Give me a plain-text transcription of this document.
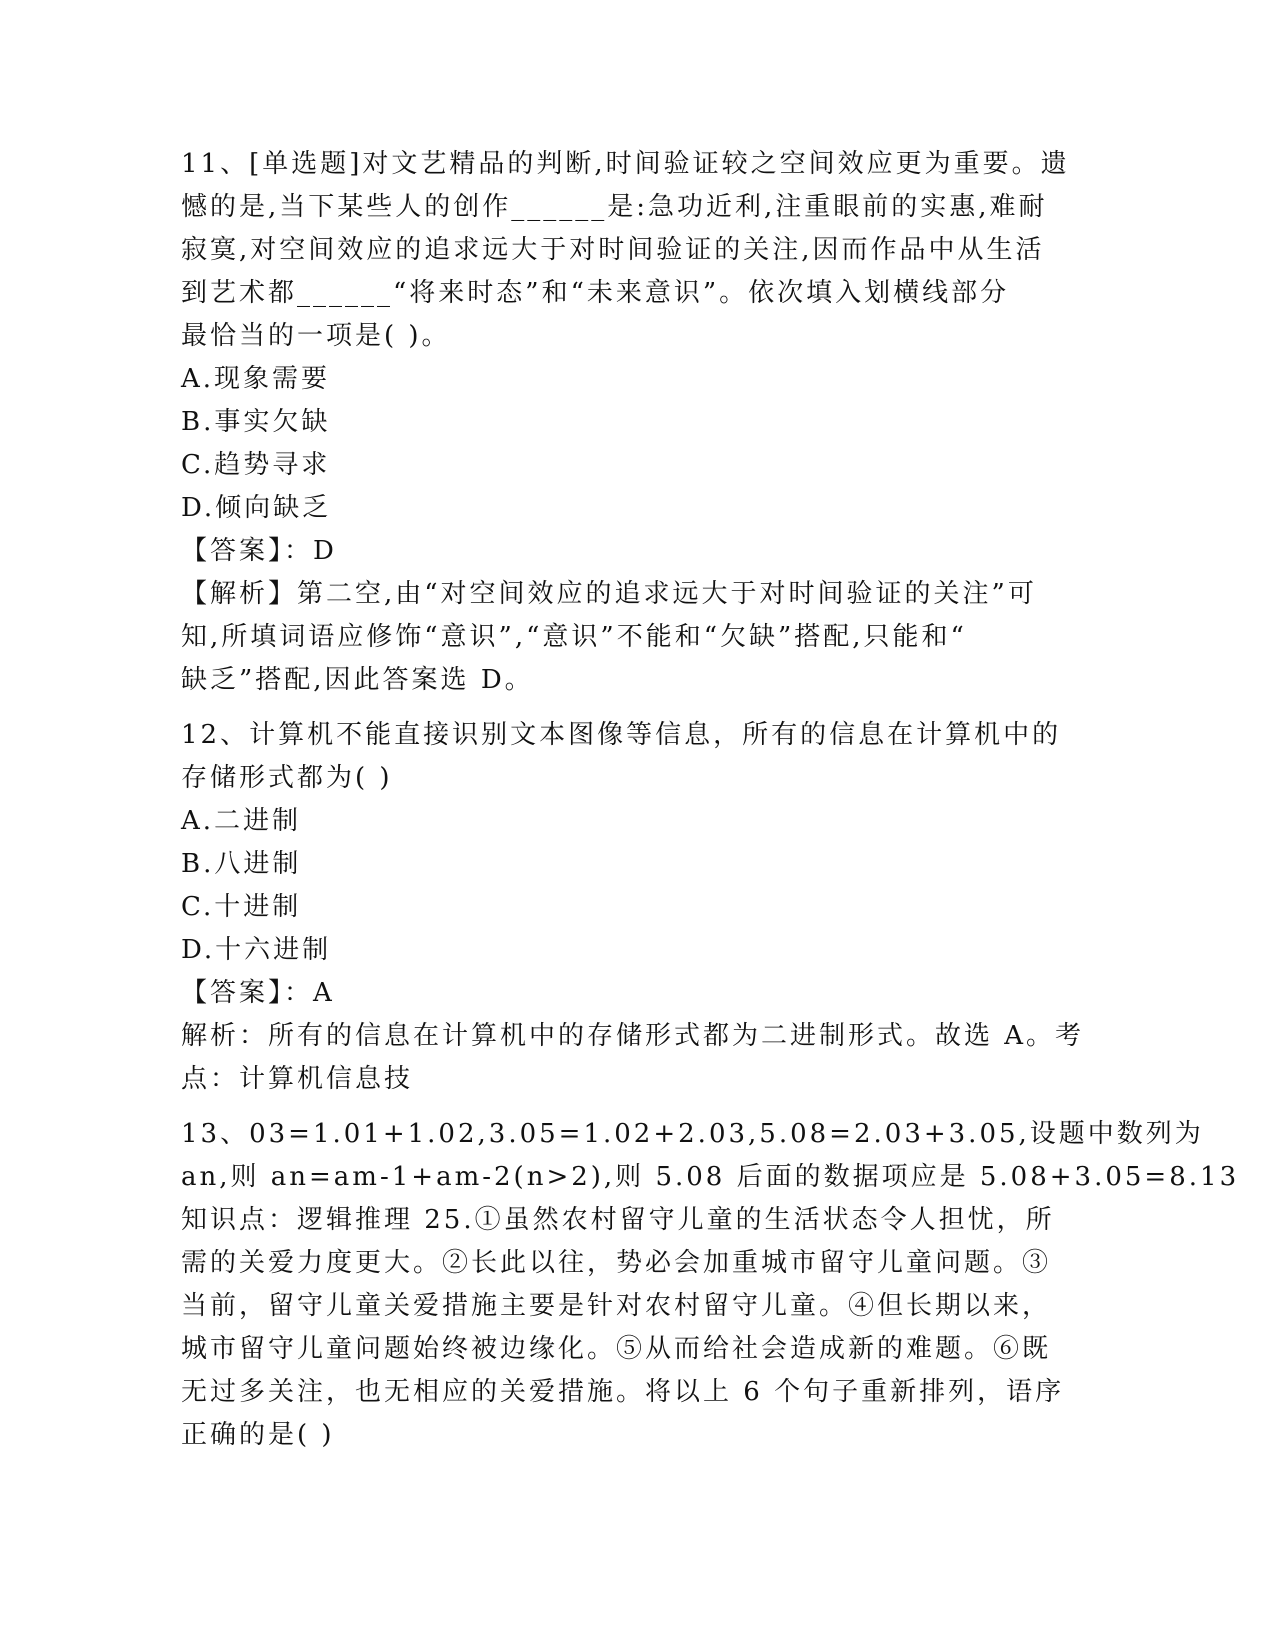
11、[单选题]对文艺精品的判断,时间验证较之空间效应更为重要。遗
憾的是,当下某些人的创作______是:急功近利,注重眼前的实惠,难耐
寂寞,对空间效应的追求远大于对时间验证的关注,因而作品中从生活
到艺术都______“将来时态”和“未来意识”。依次填入划横线部分
最恰当的一项是( )。
A.现象需要
B.事实欠缺
C.趋势寻求
D.倾向缺乏
【答案】：D
【解析】第二空,由“对空间效应的追求远大于对时间验证的关注”可
知,所填词语应修饰“意识”,“意识”不能和“欠缺”搭配,只能和“
缺乏”搭配,因此答案选 D。
12、计算机不能直接识别文本图像等信息，所有的信息在计算机中的
存储形式都为( )
A.二进制
B.八进制
C.十进制
D.十六进制
【答案】：A
解析：所有的信息在计算机中的存储形式都为二进制形式。故选 A。考
点：计算机信息技
13、03=1.01+1.02,3.05=1.02+2.03,5.08=2.03+3.05,设题中数列为
an,则 an=am-1+am-2(n>2),则 5.08 后面的数据项应是 5.08+3.05=8.13
知识点：逻辑推理 25.①虽然农村留守儿童的生活状态令人担忧，所
需的关爱力度更大。②长此以往，势必会加重城市留守儿童问题。③
当前，留守儿童关爱措施主要是针对农村留守儿童。④但长期以来，
城市留守儿童问题始终被边缘化。⑤从而给社会造成新的难题。⑥既
无过多关注，也无相应的关爱措施。将以上 6 个句子重新排列，语序
正确的是( )
